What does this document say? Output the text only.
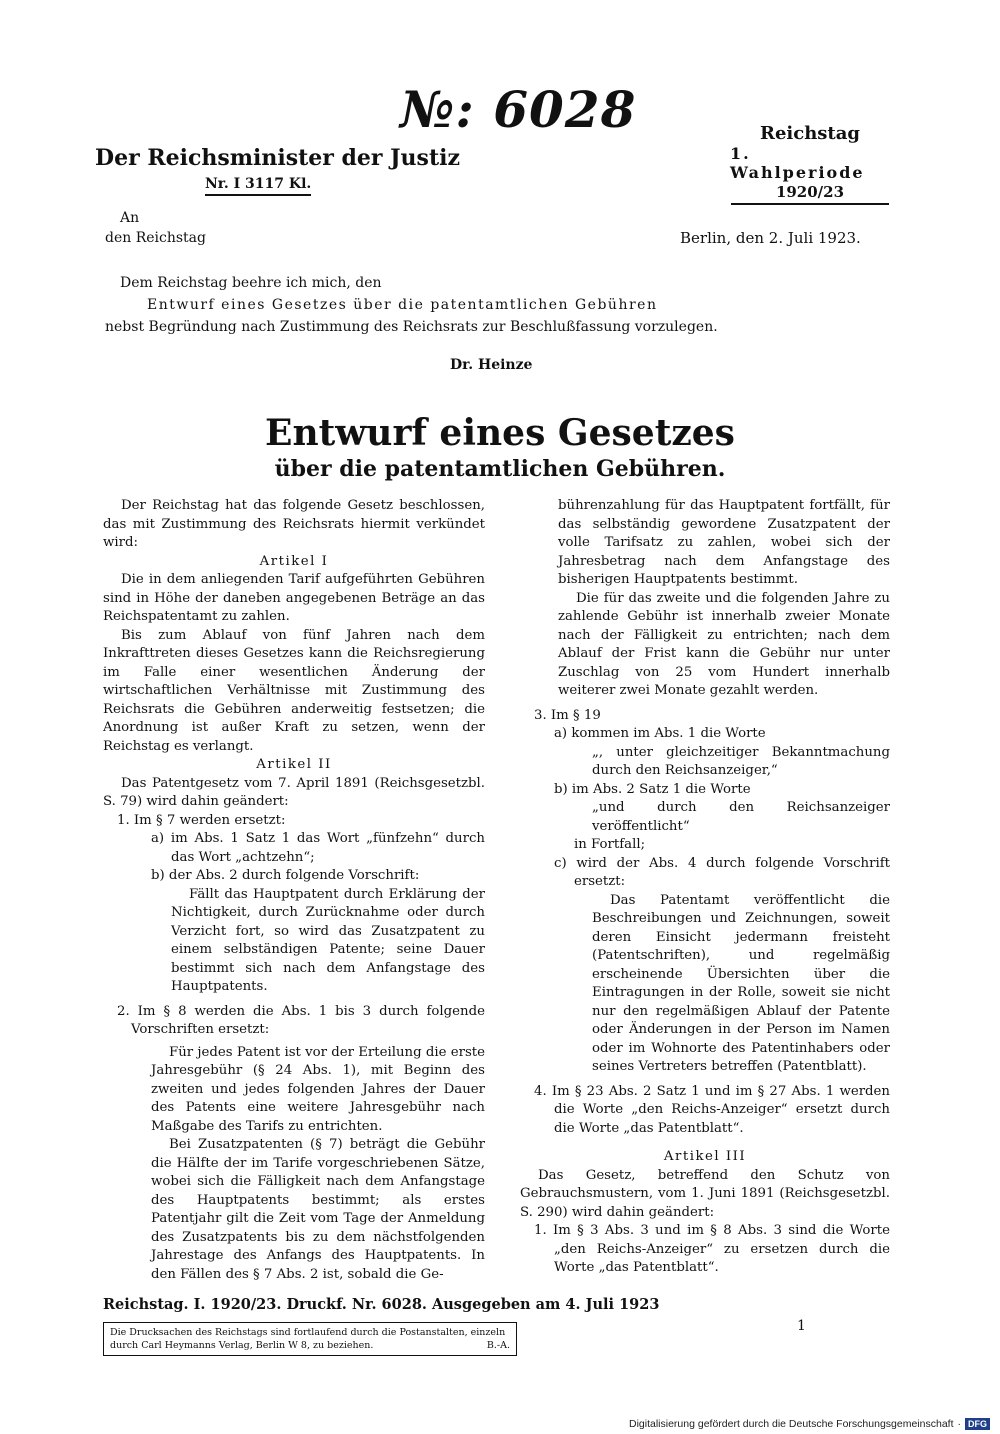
№: 6028
Der Reichsminister der Justiz
Nr. I 3117 Kl.
Reichstag
1. Wahlperiode
1920/23
An
den Reichstag	Berlin, den 2. Juli 1923.
Dem Reichstag beehre ich mich, den
Entwurf eines Gesetzes über die patentamtlichen Gebühren
nebst Begründung nach Zustimmung des Reichsrats zur Beschlußfassung vorzulegen.
Dr. Heinze
Entwurf eines Gesetzes
über die patentamtlichen Gebühren.

Der Reichstag hat das folgende Gesetz beschlossen, das mit Zustimmung des Reichsrats hiermit verkündet wird:

Artikel I

Die in dem anliegenden Tarif aufgeführten Gebühren sind in Höhe der daneben angegebenen Beträge an das Reichspatentamt zu zahlen.

Bis zum Ablauf von fünf Jahren nach dem Inkrafttreten dieses Gesetzes kann die Reichsregierung im Falle einer wesentlichen Änderung der wirtschaftlichen Verhältnisse mit Zustimmung des Reichsrats die Gebühren anderweitig festsetzen; die Anordnung ist außer Kraft zu setzen, wenn der Reichstag es verlangt.

Artikel II

Das Patentgesetz vom 7. April 1891 (Reichsgesetzbl. S. 79) wird dahin geändert:

1. Im § 7 werden ersetzt:

a) im Abs. 1 Satz 1 das Wort „fünfzehn“ durch das Wort „achtzehn“;

b) der Abs. 2 durch folgende Vorschrift:

Fällt das Hauptpatent durch Erklärung der Nichtigkeit, durch Zurücknahme oder durch Verzicht fort, so wird das Zusatzpatent zu einem selbständigen Patente; seine Dauer bestimmt sich nach dem Anfangstage des Hauptpatents.

2. Im § 8 werden die Abs. 1 bis 3 durch folgende Vorschriften ersetzt:

Für jedes Patent ist vor der Erteilung die erste Jahresgebühr (§ 24 Abs. 1), mit Beginn des zweiten und jedes folgenden Jahres der Dauer des Patents eine weitere Jahresgebühr nach Maßgabe des Tarifs zu entrichten.

Bei Zusatzpatenten (§ 7) beträgt die Gebühr die Hälfte der im Tarife vorgeschriebenen Sätze, wobei sich die Fälligkeit nach dem Anfangstage des Hauptpatents bestimmt; als erstes Patentjahr gilt die Zeit vom Tage der Anmeldung des Zusatzpatents bis zu dem nächstfolgenden Jahrestage des Anfangs des Hauptpatents. In den Fällen des § 7 Abs. 2 ist, sobald die Ge-

bührenzahlung für das Hauptpatent fortfällt, für das selbständig gewordene Zusatzpatent der volle Tarifsatz zu zahlen, wobei sich der Jahresbetrag nach dem Anfangstage des bisherigen Hauptpatents bestimmt.

Die für das zweite und die folgenden Jahre zu zahlende Gebühr ist innerhalb zweier Monate nach der Fälligkeit zu entrichten; nach dem Ablauf der Frist kann die Gebühr nur unter Zuschlag von 25 vom Hundert innerhalb weiterer zwei Monate gezahlt werden.

3. Im § 19

a) kommen im Abs. 1 die Worte

„, unter gleichzeitiger Bekanntmachung durch den Reichsanzeiger,“

b) im Abs. 2 Satz 1 die Worte

„und durch den Reichsanzeiger veröffentlicht“

in Fortfall;

c) wird der Abs. 4 durch folgende Vorschrift ersetzt:

Das Patentamt veröffentlicht die Beschreibungen und Zeichnungen, soweit deren Einsicht jedermann freisteht (Patentschriften), und regelmäßig erscheinende Übersichten über die Eintragungen in der Rolle, soweit sie nicht nur den regelmäßigen Ablauf der Patente oder Änderungen in der Person im Namen oder im Wohnorte des Patentinhabers oder seines Vertreters betreffen (Patentblatt).

4. Im § 23 Abs. 2 Satz 1 und im § 27 Abs. 1 werden die Worte „den Reichs-Anzeiger“ ersetzt durch die Worte „das Patentblatt“.

Artikel III

Das Gesetz, betreffend den Schutz von Gebrauchsmustern, vom 1. Juni 1891 (Reichsgesetzbl. S. 290) wird dahin geändert:

1. Im § 3 Abs. 3 und im § 8 Abs. 3 sind die Worte „den Reichs-Anzeiger“ zu ersetzen durch die Worte „das Patentblatt“.

Reichstag. I. 1920/23. Druckf. Nr. 6028. Ausgegeben am 4. Juli 1923
Die Drucksachen des Reichstags sind fortlaufend durch die Postanstalten, einzeln
durch Carl Heymanns Verlag, Berlin W 8, zu beziehen.	B.-A.
1
Digitalisierung gefördert durch die Deutsche Forschungsgemeinschaft · DFG
